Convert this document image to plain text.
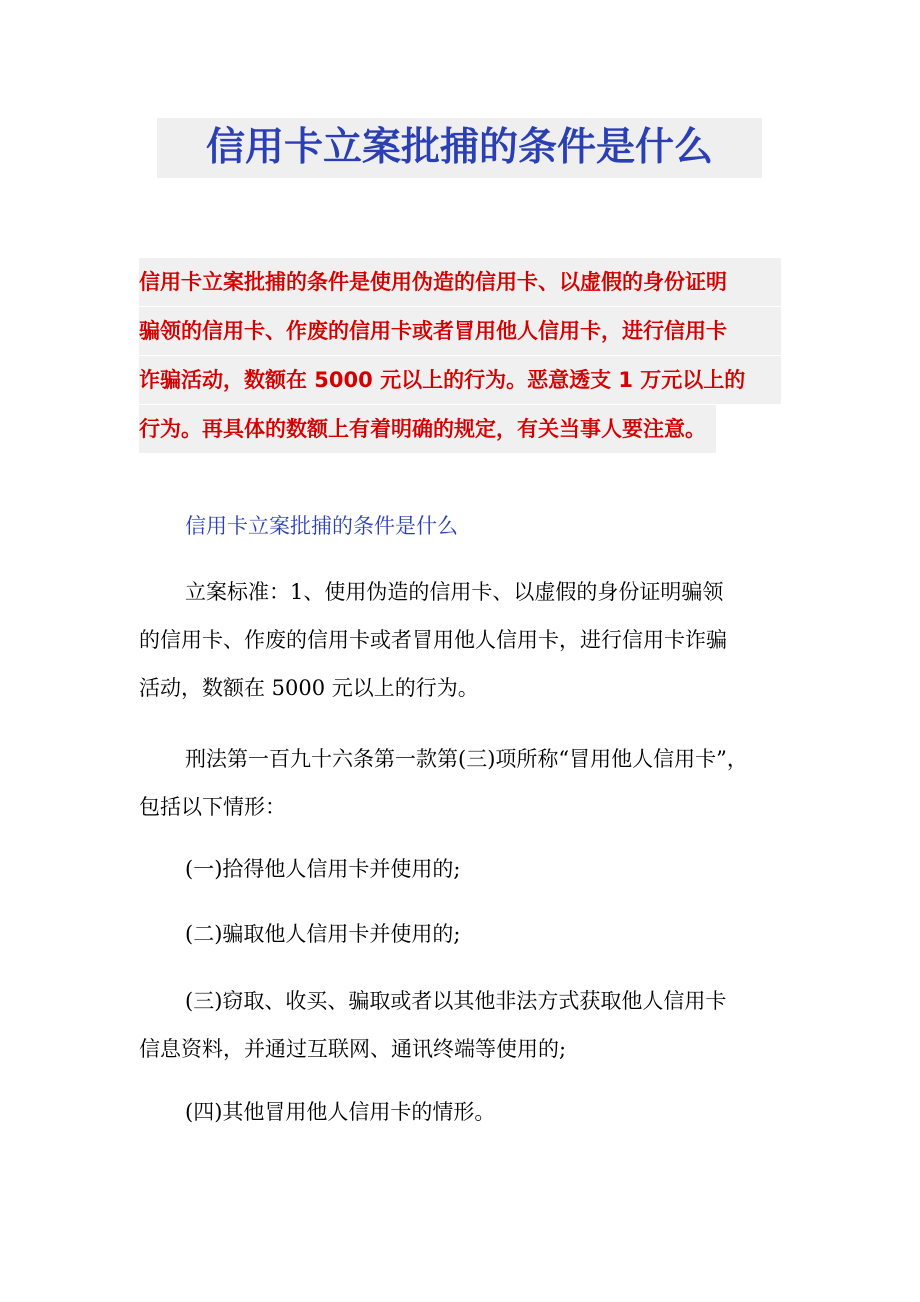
信用卡立案批捕的条件是什么
信用卡立案批捕的条件是使用伪造的信用卡、以虚假的身份证明
骗领的信用卡、作废的信用卡或者冒用他人信用卡，进行信用卡
诈骗活动，数额在 5000 元以上的行为。恶意透支 1 万元以上的
行为。再具体的数额上有着明确的规定，有关当事人要注意。
信用卡立案批捕的条件是什么
立案标准：1、使用伪造的信用卡、以虚假的身份证明骗领
的信用卡、作废的信用卡或者冒用他人信用卡，进行信用卡诈骗
活动，数额在 5000 元以上的行为。
刑法第一百九十六条第一款第(三)项所称“冒用他人信用卡”，
包括以下情形：
(一)拾得他人信用卡并使用的;
(二)骗取他人信用卡并使用的;
(三)窃取、收买、骗取或者以其他非法方式获取他人信用卡
信息资料，并通过互联网、通讯终端等使用的;
(四)其他冒用他人信用卡的情形。
